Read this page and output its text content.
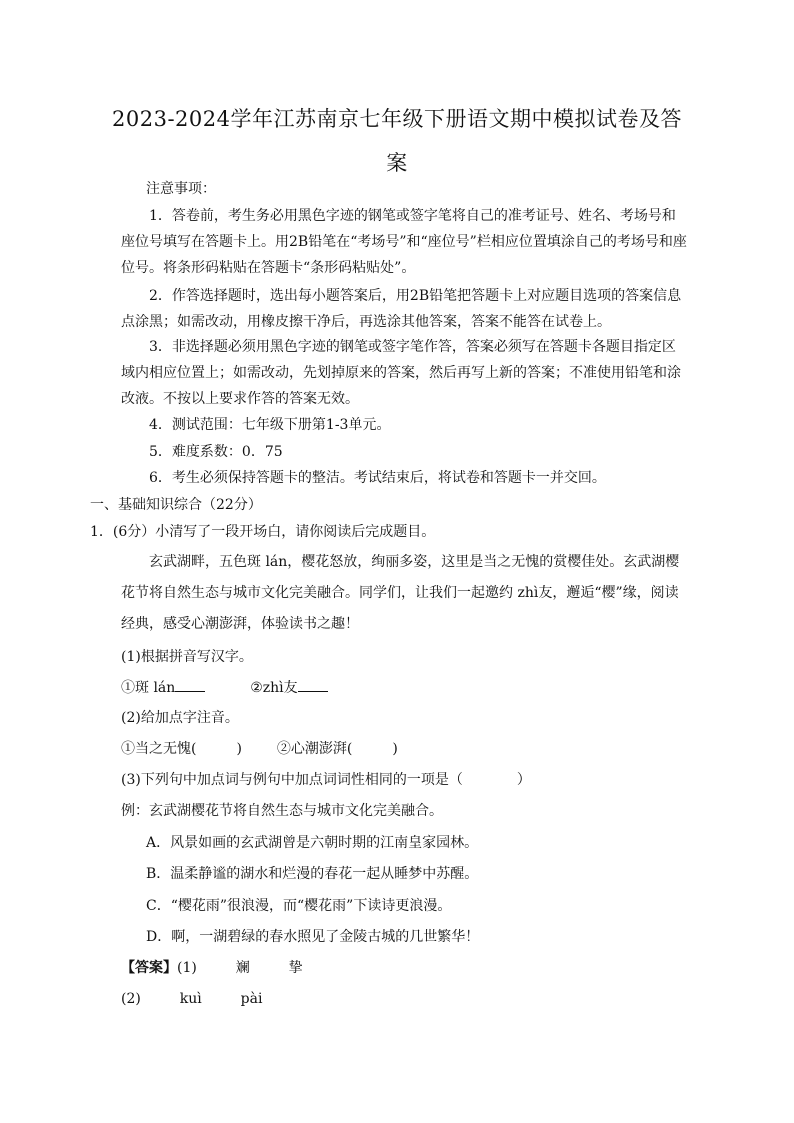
2023-2024学年江苏南京七年级下册语文期中模拟试卷及答
案
注意事项：
1．答卷前，考生务必用黑色字迹的钢笔或签字笔将自己的准考证号、姓名、考场号和座位号填写在答题卡上。用2B铅笔在“考场号”和“座位号”栏相应位置填涂自己的考场号和座位号。将条形码粘贴在答题卡“条形码粘贴处”。
2．作答选择题时，选出每小题答案后，用2B铅笔把答题卡上对应题目选项的答案信息点涂黑；如需改动，用橡皮擦干净后，再选涂其他答案，答案不能答在试卷上。
3．非选择题必须用黑色字迹的钢笔或签字笔作答，答案必须写在答题卡各题目指定区域内相应位置上；如需改动，先划掉原来的答案，然后再写上新的答案；不准使用铅笔和涂改液。不按以上要求作答的答案无效。
4．测试范围：七年级下册第1-3单元。
5．难度系数：0．75
6．考生必须保持答题卡的整洁。考试结束后，将试卷和答题卡一并交回。
一、基础知识综合（22分）
1．(6分）小清写了一段开场白，请你阅读后完成题目。
玄武湖畔，五色斑 lán，樱花怒放，绚丽多姿，这里是当之无愧的赏樱佳处。玄武湖樱花节将自然生态与城市文化完美融合。同学们，让我们一起邀约 zhì友，邂逅“樱”缘，阅读经典，感受心潮澎湃，体验读书之趣！
(1)根据拼音写汉字。
①斑 lán	②zhì友
(2)给加点字注音。
①当之无愧(	) ②心潮澎湃(	)
(3)下列句中加点词与例句中加点词词性相同的一项是（	）
例：玄武湖樱花节将自然生态与城市文化完美融合。
A．风景如画的玄武湖曾是六朝时期的江南皇家园林。
B．温柔静谧的湖水和烂漫的春花一起从睡梦中苏醒。
C．“樱花雨”很浪漫，而“樱花雨”下读诗更浪漫。
D．啊，一湖碧绿的春水照见了金陵古城的几世繁华！
【答案】(1)	斓	挚
(2)	kuì	pài
